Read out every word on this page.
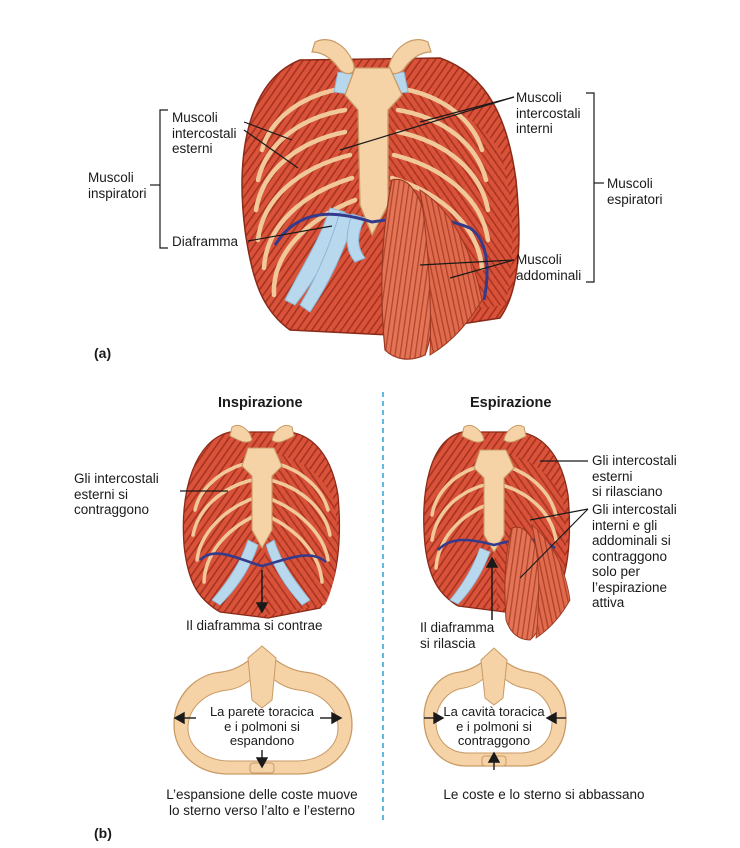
Muscoli
intercostali
esterni
Muscoli
inspiratori
Diaframma
Muscoli
intercostali
interni
Muscoli
espiratori
Muscoli
addominali
(a)
Inspirazione	Espirazione
Gli intercostali
esterni si
contraggono
Il diaframma si contrae
La parete toracica
e i polmoni si
espandono
L’espansione delle coste muove
lo sterno verso l’alto e l’esterno
Gli intercostali
esterni
si rilasciano
Gli intercostali
interni e gli
addominali si
contraggono
solo per
l’espirazione
attiva
Il diaframma
si rilascia
La cavità toracica
e i polmoni si
contraggono
Le coste e lo sterno si abbassano
(b)
